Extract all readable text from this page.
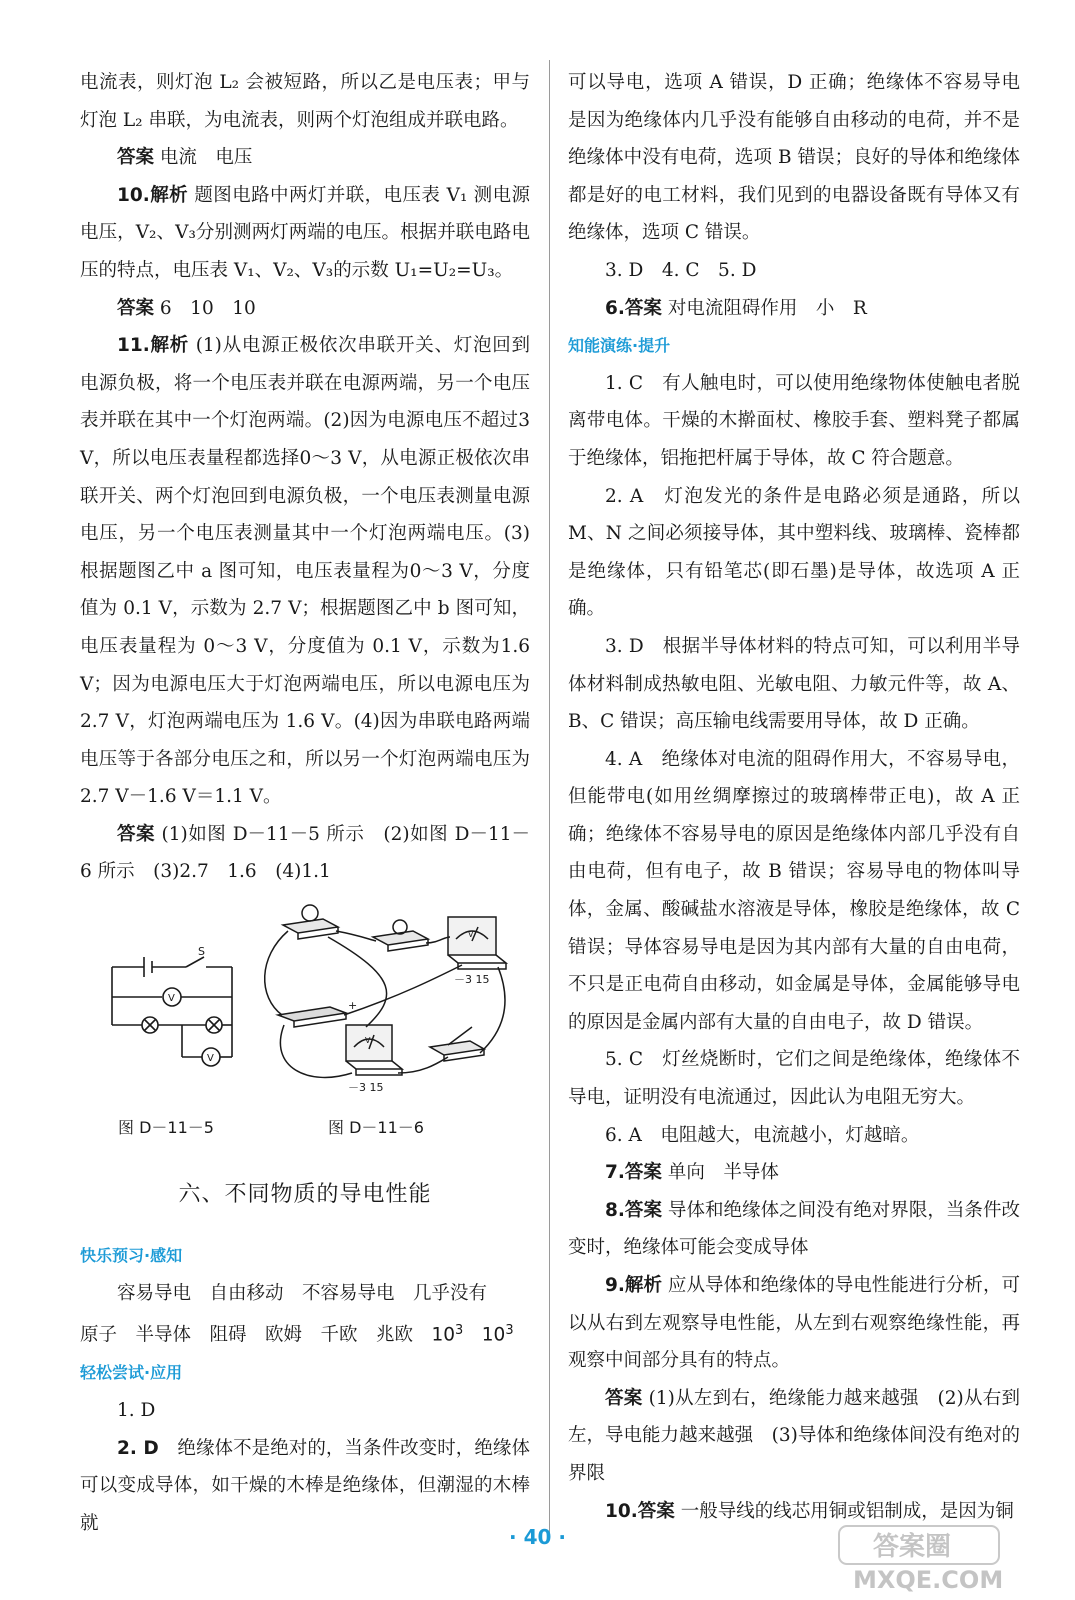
电流表，则灯泡 L₂ 会被短路，所以乙是电压表；甲与灯泡 L₂ 串联，为电流表，则两个灯泡组成并联电路。

答案 电流　电压

10.解析 题图电路中两灯并联，电压表 V₁ 测电源电压，V₂、V₃分别测两灯两端的电压。根据并联电路电压的特点，电压表 V₁、V₂、V₃的示数 U₁=U₂=U₃。

答案 6　10　10

11.解析 (1)从电源正极依次串联开关、灯泡回到电源负极，将一个电压表并联在电源两端，另一个电压表并联在其中一个灯泡两端。(2)因为电源电压不超过3 V，所以电压表量程都选择0～3 V，从电源正极依次串联开关、两个灯泡回到电源负极，一个电压表测量电源电压，另一个电压表测量其中一个灯泡两端电压。(3)根据题图乙中 a 图可知，电压表量程为0～3 V，分度值为 0.1 V，示数为 2.7 V；根据题图乙中 b 图可知，电压表量程为 0～3 V，分度值为 0.1 V，示数为1.6 V；因为电源电压大于灯泡两端电压，所以电源电压为2.7 V，灯泡两端电压为 1.6 V。(4)因为串联电路两端电压等于各部分电压之和，所以另一个灯泡两端电压为2.7 V－1.6 V＝1.1 V。

答案 (1)如图 D－11－5 所示　(2)如图 D－11－6 所示　(3)2.7　1.6　(4)1.1

S
V
V
－3 15
－3 15
+
V
V
图 D－11－5	图 D－11－6
六、不同物质的导电性能
快乐预习·感知

容易导电　自由移动　不容易导电　几乎没有

原子　半导体　阻碍　欧姆　千欧　兆欧　$10^3$　$10^3$

轻松尝试·应用

1. D

2. D　 绝缘体不是绝对的，当条件改变时，绝缘体可以变成导体，如干燥的木棒是绝缘体，但潮湿的木棒就

可以导电，选项 A 错误，D 正确；绝缘体不容易导电是因为绝缘体内几乎没有能够自由移动的电荷，并不是绝缘体中没有电荷，选项 B 错误；良好的导体和绝缘体都是好的电工材料，我们见到的电器设备既有导体又有绝缘体，选项 C 错误。

3. D　4. C　5. D

6.答案 对电流阻碍作用　小　R

知能演练·提升

1. C　有人触电时，可以使用绝缘物体使触电者脱离带电体。干燥的木擀面杖、橡胶手套、塑料凳子都属于绝缘体，铝拖把杆属于导体，故 C 符合题意。

2. A　灯泡发光的条件是电路必须是通路，所以 M、N 之间必须接导体，其中塑料线、玻璃棒、瓷棒都是绝缘体，只有铅笔芯(即石墨)是导体，故选项 A 正确。

3. D　根据半导体材料的特点可知，可以利用半导体材料制成热敏电阻、光敏电阻、力敏元件等，故 A、B、C 错误；高压输电线需要用导体，故 D 正确。

4. A　绝缘体对电流的阻碍作用大，不容易导电，但能带电(如用丝绸摩擦过的玻璃棒带正电)，故 A 正确；绝缘体不容易导电的原因是绝缘体内部几乎没有自由电荷，但有电子，故 B 错误；容易导电的物体叫导体，金属、酸碱盐水溶液是导体，橡胶是绝缘体，故 C 错误；导体容易导电是因为其内部有大量的自由电荷，不只是正电荷自由移动，如金属是导体，金属能够导电的原因是金属内部有大量的自由电子，故 D 错误。

5. C　灯丝烧断时，它们之间是绝缘体，绝缘体不导电，证明没有电流通过，因此认为电阻无穷大。

6. A　电阻越大，电流越小，灯越暗。

7.答案 单向　半导体

8.答案 导体和绝缘体之间没有绝对界限，当条件改变时，绝缘体可能会变成导体

9.解析 应从导体和绝缘体的导电性能进行分析，可以从右到左观察导电性能，从左到右观察绝缘性能，再观察中间部分具有的特点。

答案 (1)从左到右，绝缘能力越来越强　(2)从右到左，导电能力越来越强　(3)导体和绝缘体间没有绝对的界限

10.答案 一般导线的线芯用铜或铝制成，是因为铜

· 40 ·	答案圈
MXQE.COM
